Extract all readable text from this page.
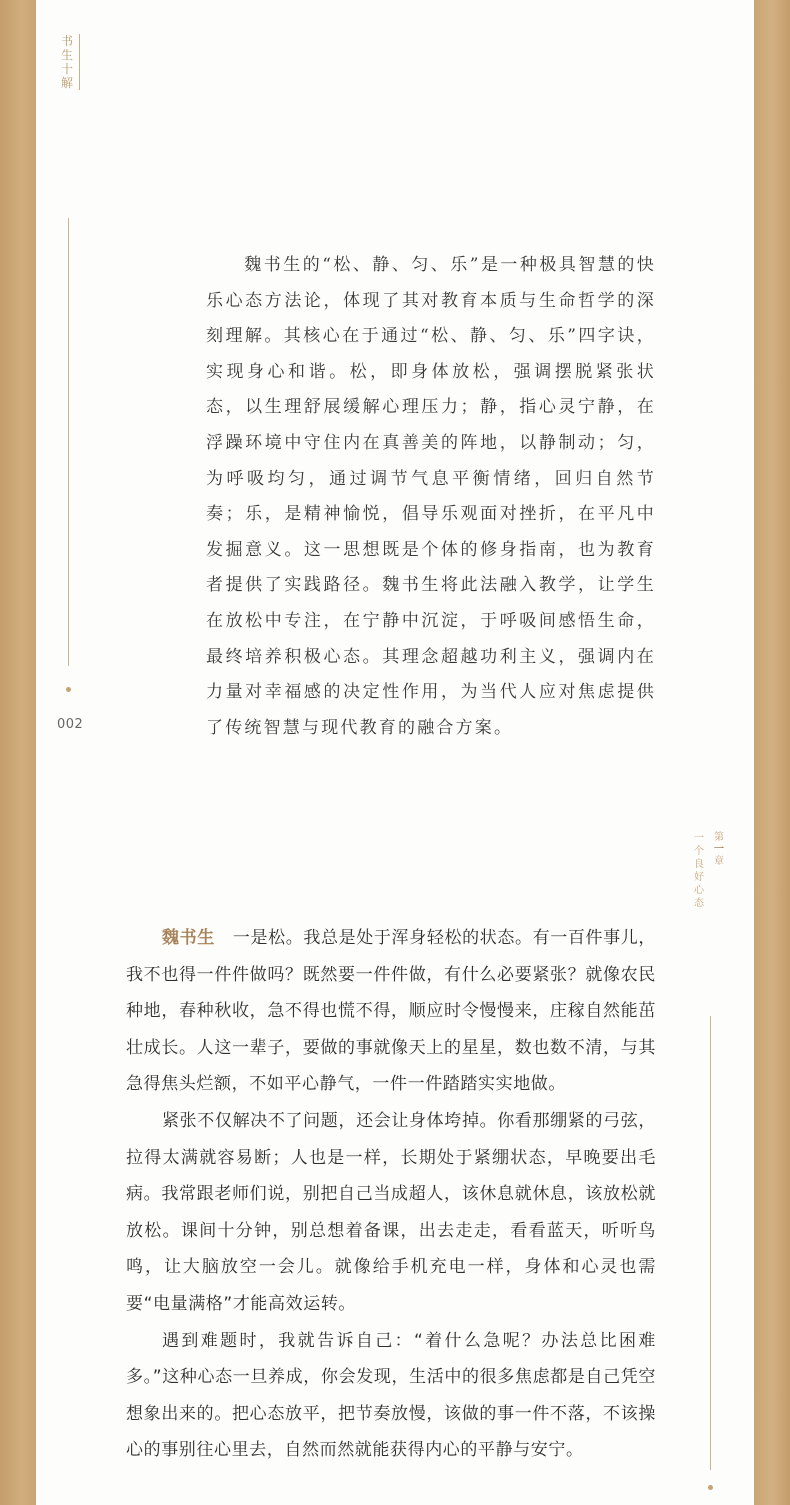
书
生
十
解
002

魏书生的“松、静、匀、乐”是一种极具智慧的快乐心态方法论，体现了其对教育本质与生命哲学的深刻理解。其核心在于通过“松、静、匀、乐”四字诀，实现身心和谐。松，即身体放松，强调摆脱紧张状态，以生理舒展缓解心理压力；静，指心灵宁静，在浮躁环境中守住内在真善美的阵地，以静制动；匀，为呼吸均匀，通过调节气息平衡情绪，回归自然节奏；乐，是精神愉悦，倡导乐观面对挫折，在平凡中发掘意义。这一思想既是个体的修身指南，也为教育者提供了实践路径。魏书生将此法融入教学，让学生在放松中专注，在宁静中沉淀，于呼吸间感悟生命，最终培养积极心态。其理念超越功利主义，强调内在力量对幸福感的决定性作用，为当代人应对焦虑提供了传统智慧与现代教育的融合方案。

一
个
良
好
心
态
第
一
章

魏书生 一是松。我总是处于浑身轻松的状态。有一百件事儿，我不也得一件件做吗？既然要一件件做，有什么必要紧张？就像农民种地，春种秋收，急不得也慌不得，顺应时令慢慢来，庄稼自然能茁壮成长。人这一辈子，要做的事就像天上的星星，数也数不清，与其急得焦头烂额，不如平心静气，一件一件踏踏实实地做。

紧张不仅解决不了问题，还会让身体垮掉。你看那绷紧的弓弦，拉得太满就容易断；人也是一样，长期处于紧绷状态，早晚要出毛病。我常跟老师们说，别把自己当成超人，该休息就休息，该放松就放松。课间十分钟，别总想着备课，出去走走，看看蓝天，听听鸟鸣，让大脑放空一会儿。就像给手机充电一样，身体和心灵也需要“电量满格”才能高效运转。

遇到难题时，我就告诉自己：“着什么急呢？办法总比困难多。”这种心态一旦养成，你会发现，生活中的很多焦虑都是自己凭空想象出来的。把心态放平，把节奏放慢，该做的事一件不落，不该操心的事别往心里去，自然而然就能获得内心的平静与安宁。
